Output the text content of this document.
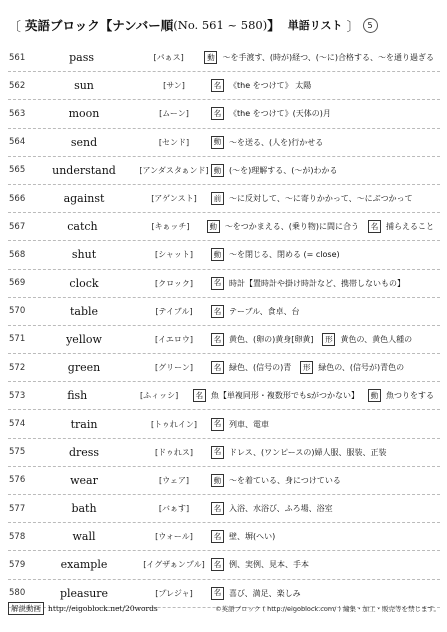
〔 英語ブロック【ナンバー順 (No. 561 ~ 580) 】 単語リスト 〕 5
561	pass	[パぁス]	動 ～を手渡す、(時が)経つ、(～に)合格する、～を通り過ぎる
562	sun	[サン]	名 《the をつけて》 太陽
563	moon	[ムーン]	名 《the をつけて》(天体の)月
564	send	[センド]	動 ～を送る、(人を)行かせる
565	understand	[アンダスタぁンド] 動 (～を)理解する、(～が)わかる
566	against	[アゲンスト]	前 ～に反対して、～に寄りかかって、～にぶつかって
567	catch	[キぁッチ]	動 ～をつかまえる、(乗り物)に間に合う	名 捕らえること
568	shut	[シャット]	動 ～を閉じる、閉める (= close)
569	clock	[クロック]	名 時計【置時計や掛け時計など、携帯しないもの】
570	table	[テイブル]	名 テーブル、食卓、台
571	yellow	[イエロウ]	名 黄色、(卵の)黄身[卵黄]	形 黄色の、黄色人種の
572	green	[グリーン]	名 緑色、(信号の)青	形 緑色の、(信号が)青色の
573	fish	[ふィッシ]	名 魚【単複同形・複数形でもsがつかない】	動 魚つりをする
574	train	[トゥれイン]	名 列車、電車
575	dress	[ドゥれス]	名 ドレス、(ワンピースの)婦人服、服装、正装
576	wear	[ウェア]	動 ～を着ている、身につけている
577	bath	[バぁす]	名 入浴、水浴び、ふろ場、浴室
578	wall	[ウォール]	名 壁、塀(へい)
579	example	[イグザぁンプル]	名 例、実例、見本、手本
580	pleasure	[プレジャ]	名 喜び、満足、楽しみ
解説動画 http://eigoblock.net/20words	©英語ブロック ( http://eigoblock.com/ ) 編集・加工・販売等を禁じます。
